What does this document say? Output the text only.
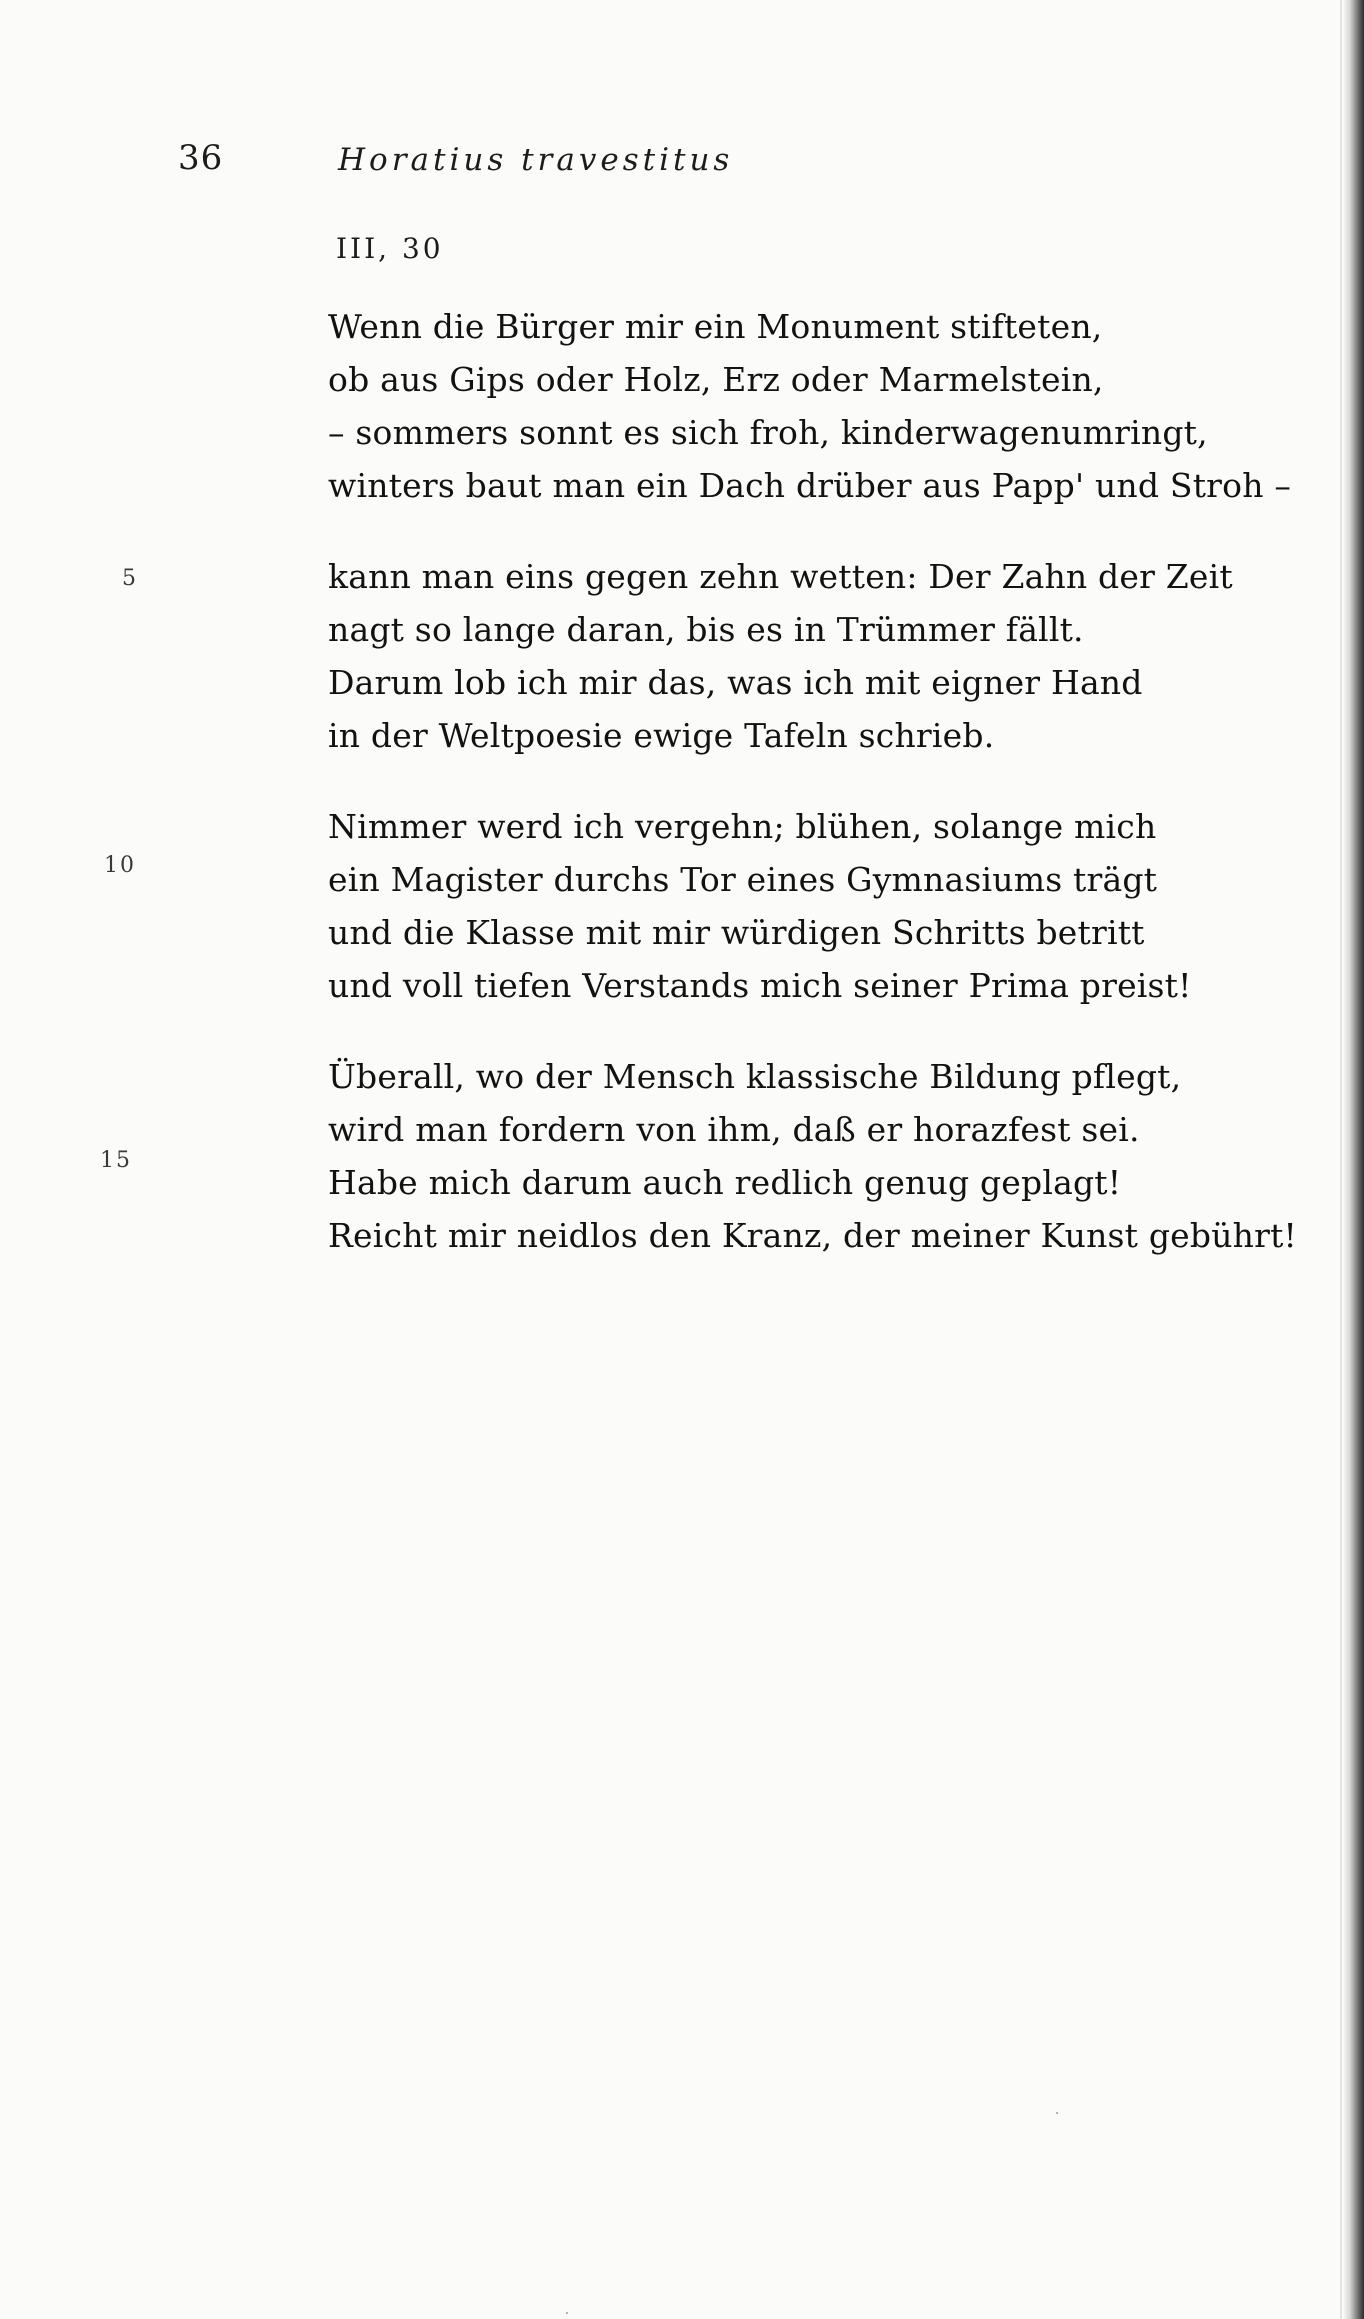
36	Horatius travestitus
III, 30
5
10
15
Wenn die Bürger mir ein Monument stifteten,
ob aus Gips oder Holz, Erz oder Marmelstein,
– sommers sonnt es sich froh, kinderwagenumringt,
winters baut man ein Dach drüber aus Papp' und Stroh –
kann man eins gegen zehn wetten: Der Zahn der Zeit
nagt so lange daran, bis es in Trümmer fällt.
Darum lob ich mir das, was ich mit eigner Hand
in der Weltpoesie ewige Tafeln schrieb.
Nimmer werd ich vergehn; blühen, solange mich
ein Magister durchs Tor eines Gymnasiums trägt
und die Klasse mit mir würdigen Schritts betritt
und voll tiefen Verstands mich seiner Prima preist!
Überall, wo der Mensch klassische Bildung pflegt,
wird man fordern von ihm, daß er horazfest sei.
Habe mich darum auch redlich genug geplagt!
Reicht mir neidlos den Kranz, der meiner Kunst gebührt!
